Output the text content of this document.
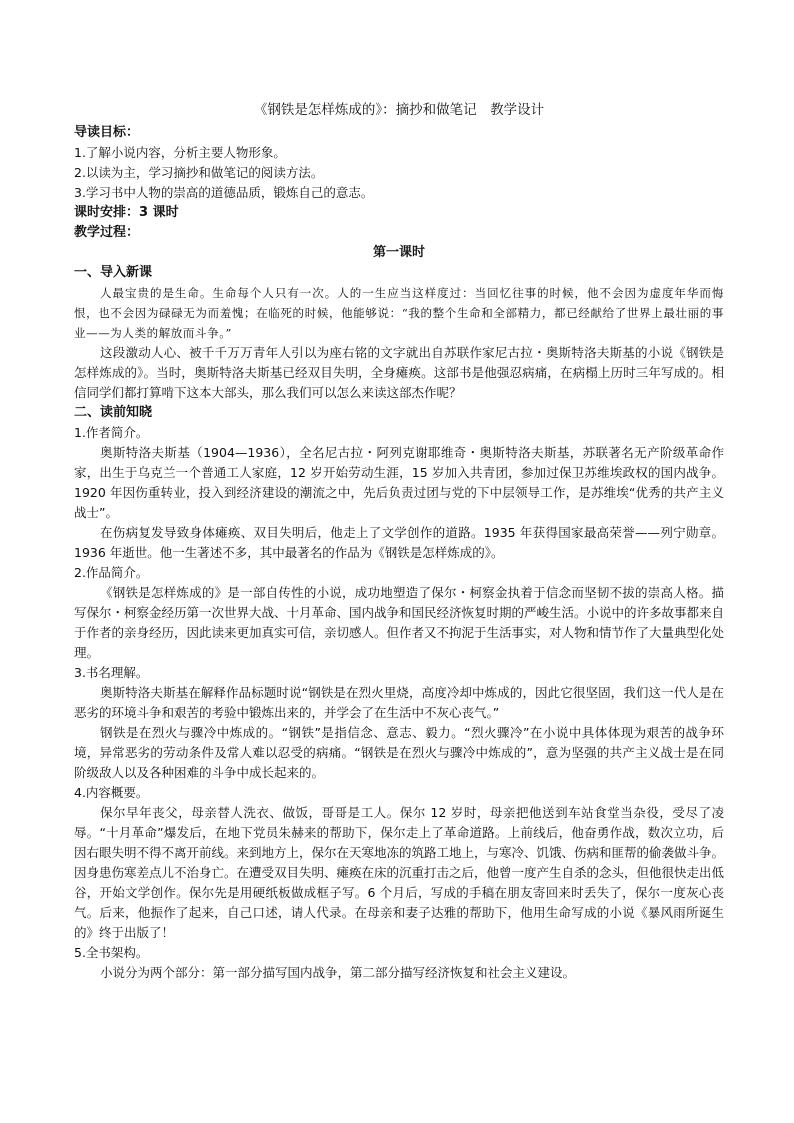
《钢铁是怎样炼成的》：摘抄和做笔记　教学设计

导读目标：

1.了解小说内容，分析主要人物形象。

2.以读为主，学习摘抄和做笔记的阅读方法。

3.学习书中人物的崇高的道德品质，锻炼自己的意志。

课时安排：3 课时

教学过程：

第一课时

一、导入新课

人最宝贵的是生命。生命每个人只有一次。人的一生应当这样度过：当回忆往事的时候，他不会因为虚度年华而悔恨，也不会因为碌碌无为而羞愧；在临死的时候，他能够说：“我的整个生命和全部精力，都已经献给了世界上最壮丽的事业——为人类的解放而斗争。”

这段激动人心、被千千万万青年人引以为座右铭的文字就出自苏联作家尼古拉・奥斯特洛夫斯基的小说《钢铁是怎样炼成的》。当时，奥斯特洛夫斯基已经双目失明，全身瘫痪。这部书是他强忍病痛，在病榻上历时三年写成的。相信同学们都打算啃下这本大部头，那么我们可以怎么来读这部杰作呢？

二、读前知晓

1.作者简介。

奥斯特洛夫斯基（1904—1936），全名尼古拉・阿列克谢耶维奇・奥斯特洛夫斯基，苏联著名无产阶级革命作家，出生于乌克兰一个普通工人家庭，12 岁开始劳动生涯，15 岁加入共青团，参加过保卫苏维埃政权的国内战争。1920 年因伤重转业，投入到经济建设的潮流之中，先后负责过团与党的下中层领导工作，是苏维埃“优秀的共产主义战士”。

在伤病复发导致身体瘫痪、双目失明后，他走上了文学创作的道路。1935 年获得国家最高荣誉——列宁勋章。1936 年逝世。他一生著述不多，其中最著名的作品为《钢铁是怎样炼成的》。

2.作品简介。

《钢铁是怎样炼成的》是一部自传性的小说，成功地塑造了保尔・柯察金执着于信念而坚韧不拔的崇高人格。描写保尔・柯察金经历第一次世界大战、十月革命、国内战争和国民经济恢复时期的严峻生活。小说中的许多故事都来自于作者的亲身经历，因此读来更加真实可信，亲切感人。但作者又不拘泥于生活事实，对人物和情节作了大量典型化处理。

3.书名理解。

奥斯特洛夫斯基在解释作品标题时说“钢铁是在烈火里烧，高度冷却中炼成的，因此它很坚固，我们这一代人是在恶劣的环境斗争和艰苦的考验中锻炼出来的，并学会了在生活中不灰心丧气。”

钢铁是在烈火与骤冷中炼成的。“钢铁”是指信念、意志、毅力。“烈火骤冷”在小说中具体体现为艰苦的战争环境，异常恶劣的劳动条件及常人难以忍受的病痛。“钢铁是在烈火与骤冷中炼成的”，意为坚强的共产主义战士是在同阶级敌人以及各种困难的斗争中成长起来的。

4.内容概要。

保尔早年丧父，母亲替人洗衣、做饭，哥哥是工人。保尔 12 岁时，母亲把他送到车站食堂当杂役，受尽了凌辱。“十月革命”爆发后，在地下党员朱赫来的帮助下，保尔走上了革命道路。上前线后，他奋勇作战，数次立功，后因右眼失明不得不离开前线。来到地方上，保尔在天寒地冻的筑路工地上，与寒冷、饥饿、伤病和匪帮的偷袭做斗争。因身患伤寒差点儿不治身亡。在遭受双目失明、瘫痪在床的沉重打击之后，他曾一度产生自杀的念头，但他很快走出低谷，开始文学创作。保尔先是用硬纸板做成框子写。6 个月后，写成的手稿在朋友寄回来时丢失了，保尔一度灰心丧气。后来，他振作了起来，自己口述，请人代录。在母亲和妻子达雅的帮助下，他用生命写成的小说《暴风雨所诞生的》终于出版了！

5.全书架构。

小说分为两个部分：第一部分描写国内战争，第二部分描写经济恢复和社会主义建设。
